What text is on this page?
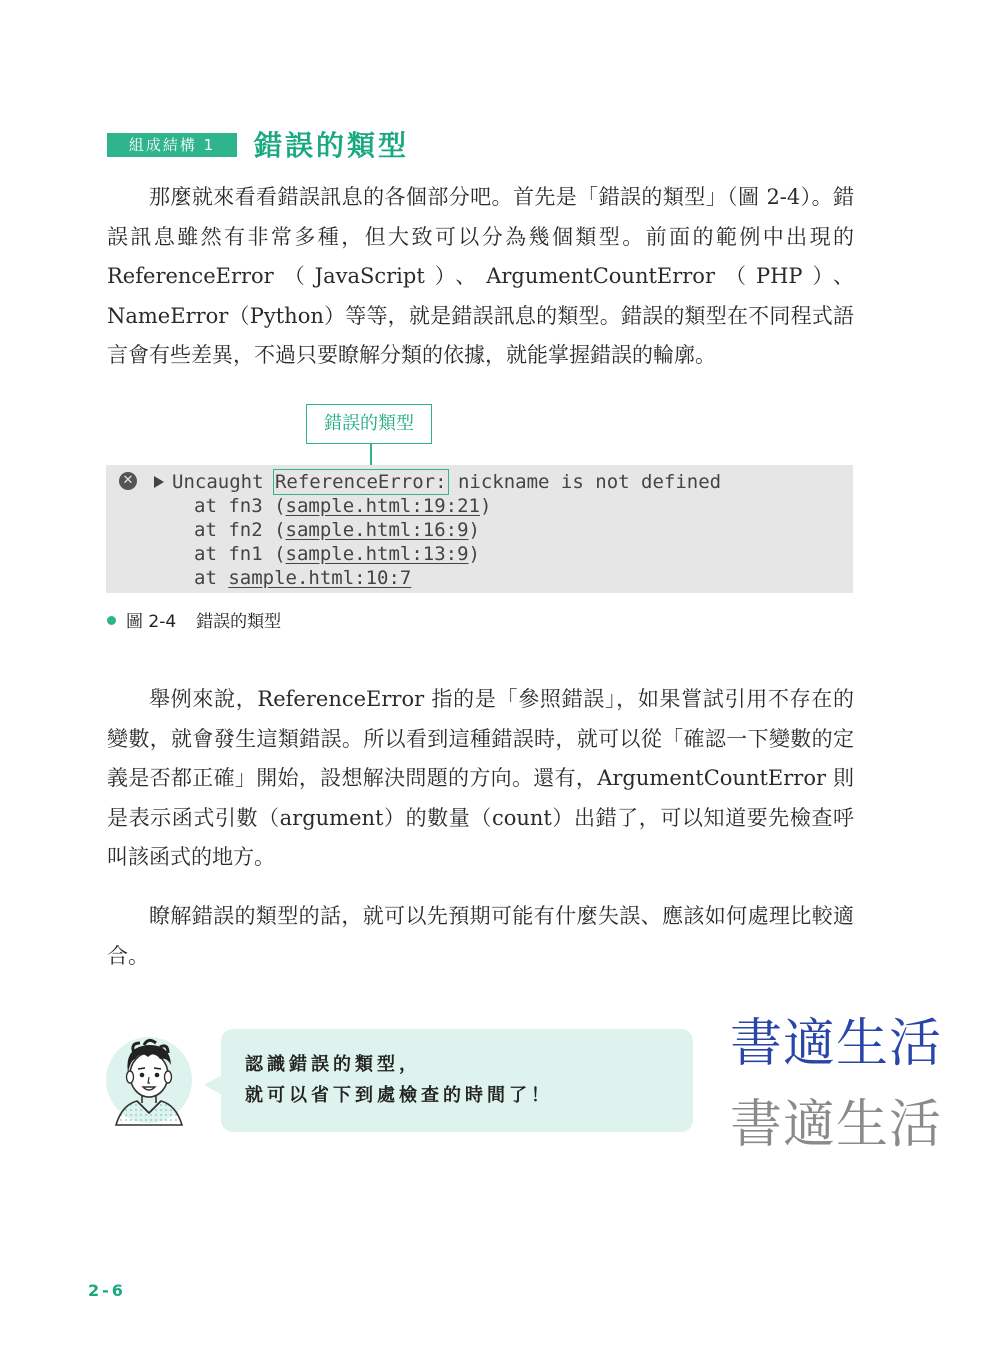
組成結構 1	錯誤的類型

那麼就來看看錯誤訊息的各個部分吧。首先是「錯誤的類型」（圖 2-4）。錯誤訊息雖然有非常多種，但大致可以分為幾個類型。前面的範例中出現的 ReferenceError（JavaScript）、ArgumentCountError（PHP）、NameError（Python）等等，就是錯誤訊息的類型。錯誤的類型在不同程式語言會有些差異，不過只要瞭解分類的依據，就能掌握錯誤的輪廓。

錯誤的類型
✕ Uncaught ReferenceError: nickname is not defined
at fn3 (sample.html:19:21)
at fn2 (sample.html:16:9)
at fn1 (sample.html:13:9)
at sample.html:10:7
圖 2-4 錯誤的類型

舉例來說，ReferenceError 指的是「參照錯誤」，如果嘗試引用不存在的變數，就會發生這類錯誤。所以看到這種錯誤時，就可以從「確認一下變數的定義是否都正確」開始，設想解決問題的方向。還有，ArgumentCountError 則是表示函式引數（argument）的數量（count）出錯了，可以知道要先檢查呼叫該函式的地方。

瞭解錯誤的類型的話，就可以先預期可能有什麼失誤、應該如何處理比較適合。

認識錯誤的類型，
就可以省下到處檢查的時間了！
書適生活
書適生活
2-6
